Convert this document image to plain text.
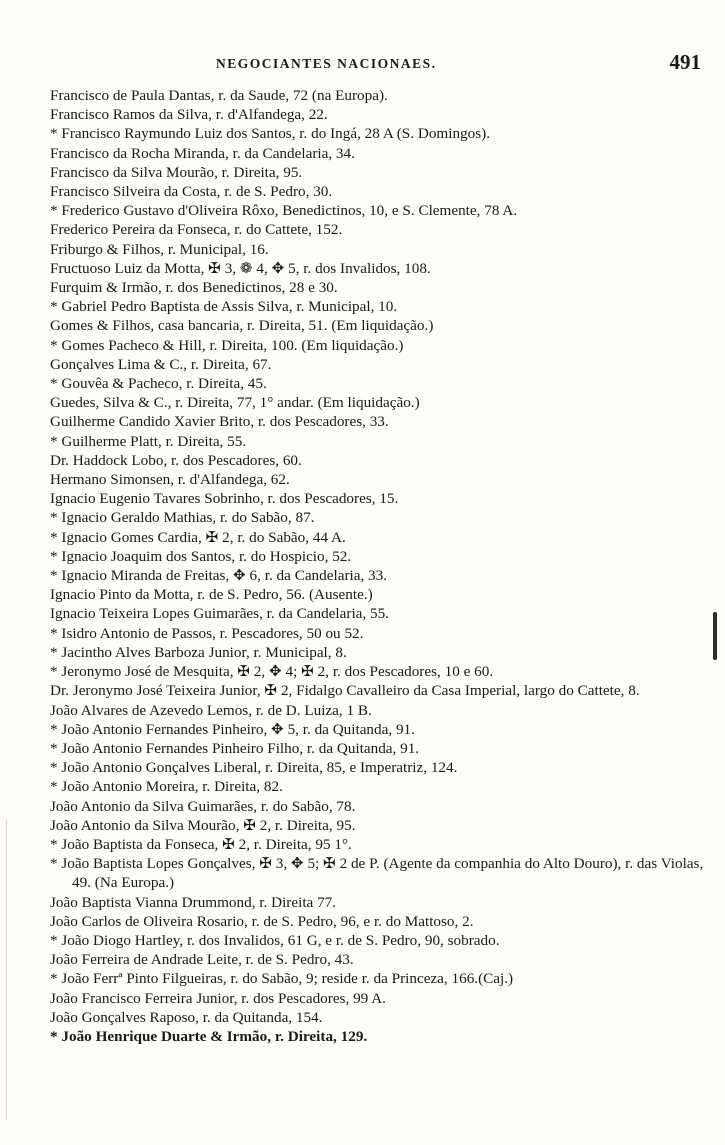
NEGOCIANTES NACIONAES.	491
Francisco de Paula Dantas, r. da Saude, 72 (na Europa).
Francisco Ramos da Silva, r. d'Alfandega, 22.
* Francisco Raymundo Luiz dos Santos, r. do Ingá, 28 A (S. Domingos).
Francisco da Rocha Miranda, r. da Candelaria, 34.
Francisco da Silva Mourão, r. Direita, 95.
Francisco Silveira da Costa, r. de S. Pedro, 30.
* Frederico Gustavo d'Oliveira Rôxo, Benedictinos, 10, e S. Clemente, 78 A.
Frederico Pereira da Fonseca, r. do Cattete, 152.
Friburgo & Filhos, r. Municipal, 16.
Fructuoso Luiz da Motta, ✠ 3, ❁ 4, ✥ 5, r. dos Invalidos, 108.
Furquim & Irmão, r. dos Benedictinos, 28 e 30.
* Gabriel Pedro Baptista de Assis Silva, r. Municipal, 10.
Gomes & Filhos, casa bancaria, r. Direita, 51. (Em liquidação.)
* Gomes Pacheco & Hill, r. Direita, 100. (Em liquidação.)
Gonçalves Lima & C., r. Direita, 67.
* Gouvêa & Pacheco, r. Direita, 45.
Guedes, Silva & C., r. Direita, 77, 1° andar. (Em liquidação.)
Guilherme Candido Xavier Brito, r. dos Pescadores, 33.
* Guilherme Platt, r. Direita, 55.
Dr. Haddock Lobo, r. dos Pescadores, 60.
Hermano Simonsen, r. d'Alfandega, 62.
Ignacio Eugenio Tavares Sobrinho, r. dos Pescadores, 15.
* Ignacio Geraldo Mathias, r. do Sabão, 87.
* Ignacio Gomes Cardia, ✠ 2, r. do Sabão, 44 A.
* Ignacio Joaquim dos Santos, r. do Hospicio, 52.
* Ignacio Miranda de Freitas, ✥ 6, r. da Candelaria, 33.
Ignacio Pinto da Motta, r. de S. Pedro, 56. (Ausente.)
Ignacio Teixeira Lopes Guimarães, r. da Candelaria, 55.
* Isidro Antonio de Passos, r. Pescadores, 50 ou 52.
* Jacintho Alves Barboza Junior, r. Municipal, 8.
* Jeronymo José de Mesquita, ✠ 2, ✥ 4; ✠ 2, r. dos Pescadores, 10 e 60.
Dr. Jeronymo José Teixeira Junior, ✠ 2, Fidalgo Cavalleiro da Casa Imperial, largo do Cattete, 8.
João Alvares de Azevedo Lemos, r. de D. Luiza, 1 B.
* João Antonio Fernandes Pinheiro, ✥ 5, r. da Quitanda, 91.
* João Antonio Fernandes Pinheiro Filho, r. da Quitanda, 91.
* João Antonio Gonçalves Liberal, r. Direita, 85, e Imperatriz, 124.
* João Antonio Moreira, r. Direita, 82.
João Antonio da Silva Guimarães, r. do Sabão, 78.
João Antonio da Silva Mourão, ✠ 2, r. Direita, 95.
* João Baptista da Fonseca, ✠ 2, r. Direita, 95 1°.
* João Baptista Lopes Gonçalves, ✠ 3, ✥ 5; ✠ 2 de P. (Agente da companhia do Alto Douro), r. das Violas, 49. (Na Europa.)
João Baptista Vianna Drummond, r. Direita 77.
João Carlos de Oliveira Rosario, r. de S. Pedro, 96, e r. do Mattoso, 2.
* João Diogo Hartley, r. dos Invalidos, 61 G, e r. de S. Pedro, 90, sobrado.
João Ferreira de Andrade Leite, r. de S. Pedro, 43.
* João Ferrª Pinto Filgueiras, r. do Sabão, 9; reside r. da Princeza, 166.(Caj.)
João Francisco Ferreira Junior, r. dos Pescadores, 99 A.
João Gonçalves Raposo, r. da Quitanda, 154.
* João Henrique Duarte & Irmão, r. Direita, 129.
